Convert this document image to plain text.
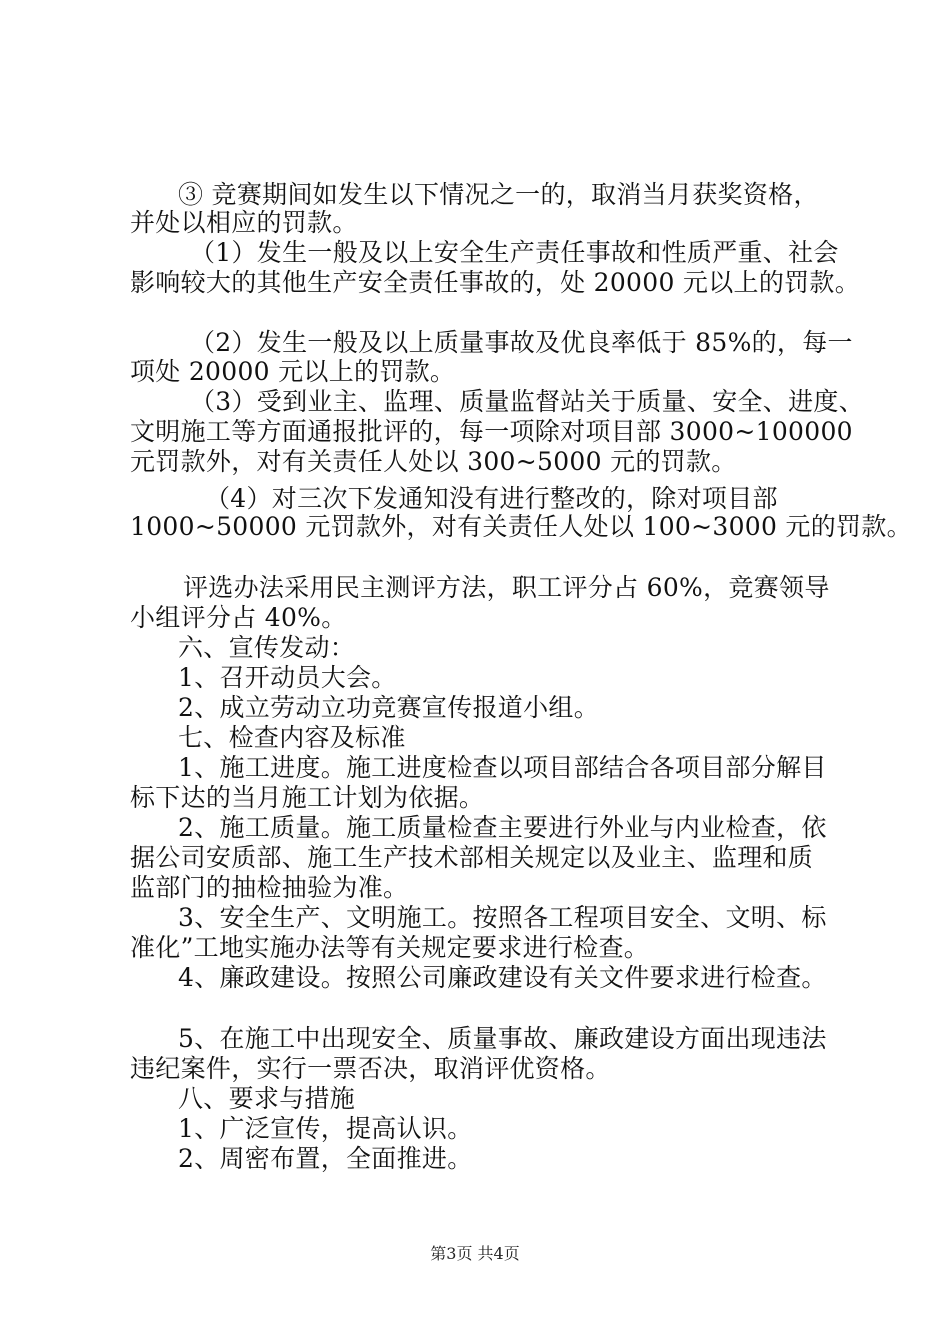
③ 竞赛期间如发生以下情况之一的，取消当月获奖资格，
并处以相应的罚款。
（1）发生一般及以上安全生产责任事故和性质严重、社会
影响较大的其他生产安全责任事故的，处 20000 元以上的罚款。
（2）发生一般及以上质量事故及优良率低于 85%的，每一
项处 20000 元以上的罚款。
（3）受到业主、监理、质量监督站关于质量、安全、进度、
文明施工等方面通报批评的，每一项除对项目部 3000~100000
元罚款外，对有关责任人处以 300~5000 元的罚款。
（4）对三次下发通知没有进行整改的，除对项目部
1000~50000 元罚款外，对有关责任人处以 100~3000 元的罚款。
评选办法采用民主测评方法，职工评分占 60%，竞赛领导
小组评分占 40%。
六、宣传发动：
1、召开动员大会。
2、成立劳动立功竞赛宣传报道小组。
七、检查内容及标准
1、施工进度。施工进度检查以项目部结合各项目部分解目
标下达的当月施工计划为依据。
2、施工质量。施工质量检查主要进行外业与内业检查，依
据公司安质部、施工生产技术部相关规定以及业主、监理和质
监部门的抽检抽验为准。
3、安全生产、文明施工。按照各工程项目安全、文明、标
准化”工地实施办法等有关规定要求进行检查。
4、廉政建设。按照公司廉政建设有关文件要求进行检查。
5、在施工中出现安全、质量事故、廉政建设方面出现违法
违纪案件，实行一票否决，取消评优资格。
八、要求与措施
1、广泛宣传，提高认识。
2、周密布置，全面推进。
第3页 共4页
